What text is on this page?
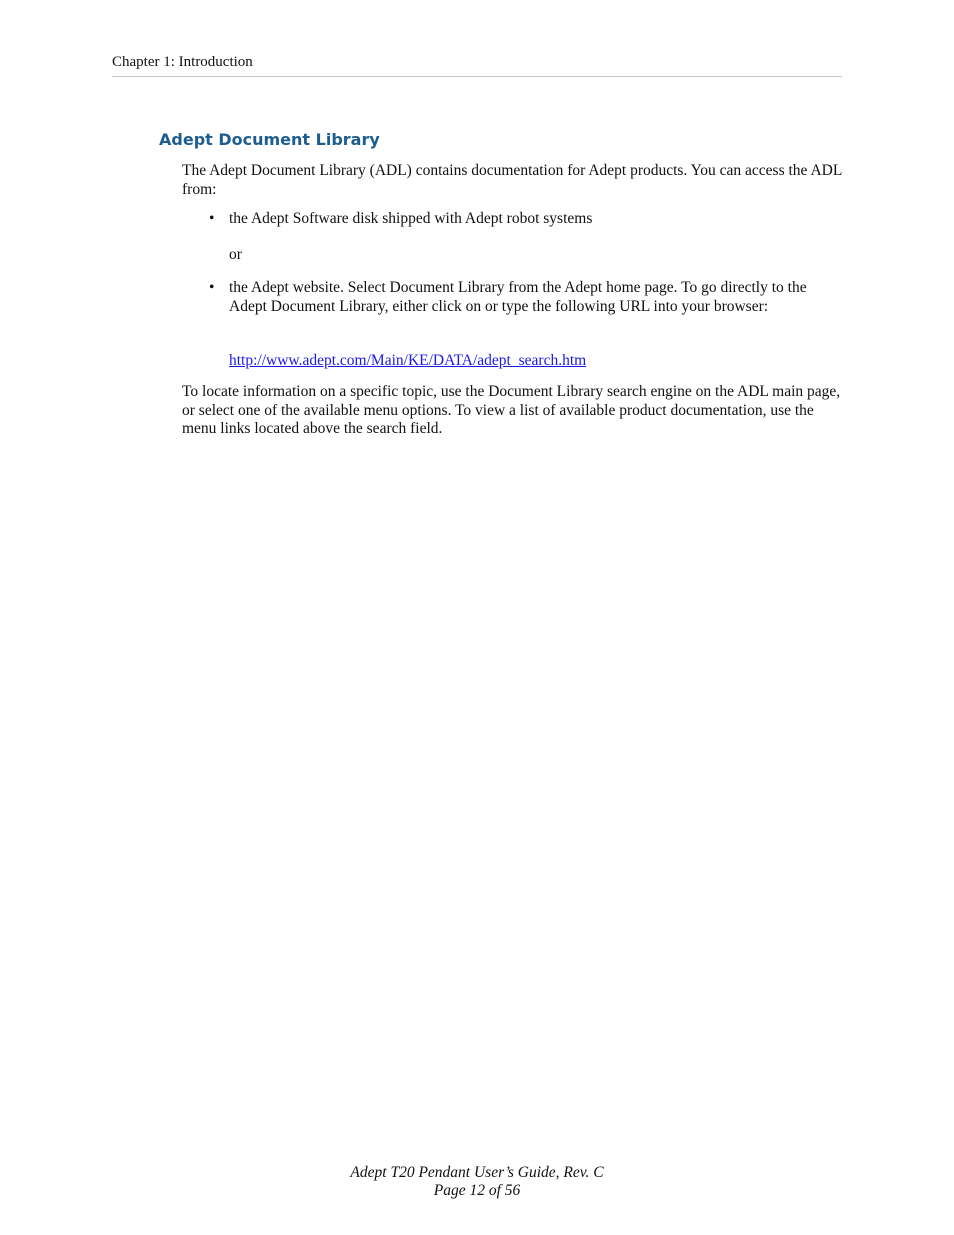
Chapter 1: Introduction
Adept Document Library

The Adept Document Library (ADL) contains documentation for Adept products. You can access the ADL from:

• the Adept Software disk shipped with Adept robot systems

or

• the Adept website. Select Document Library from the Adept home page. To go directly to the Adept Document Library, either click on or type the following URL into your browser:
http://www.adept.com/Main/KE/DATA/adept_search.htm

To locate information on a specific topic, use the Document Library search engine on the ADL main page, or select one of the available menu options. To view a list of available product documentation, use the menu links located above the search field.

Adept T20 Pendant User’s Guide, Rev. C
Page 12 of 56
